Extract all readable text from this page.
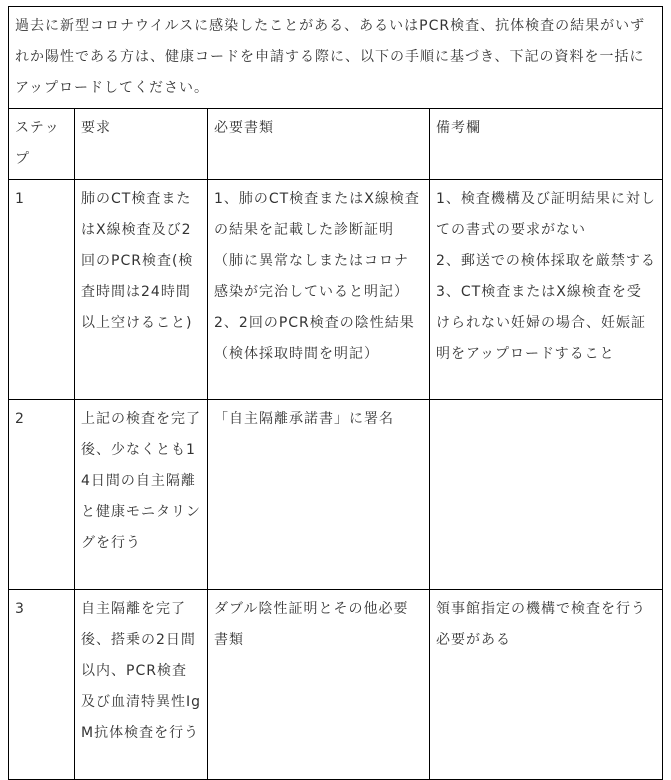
過去に新型コロナウイルスに感染したことがある、あるいはPCR検査、抗体検査の結果がいずれか陽性である方は、健康コードを申請する際に、以下の手順に基づき、下記の資料を一括にアップロードしてください。			
ステップ	要求	必要書類	備考欄
1	肺のCT検査またはX線検査及び2回のPCR検査(検査時間は24時間以上空けること)	1、肺のCT検査またはX線検査の結果を記載した診断証明（肺に異常なしまたはコロナ感染が完治していると明記）2、2回のPCR検査の陰性結果（検体採取時間を明記）	1、検査機構及び証明結果に対しての書式の要求がない
2、郵送での検体採取を厳禁する
3、CT検査またはX線検査を受けられない妊婦の場合、妊娠証明をアップロードすること

2	上記の検査を完了後、少なくとも14日間の自主隔離と健康モニタリングを行う	「自主隔離承諾書」に署名	
3	自主隔離を完了後、搭乗の2日間以内、PCR検査及び血清特異性IgM抗体検査を行う	ダブル陰性証明とその他必要書類	領事館指定の機構で検査を行う必要がある
